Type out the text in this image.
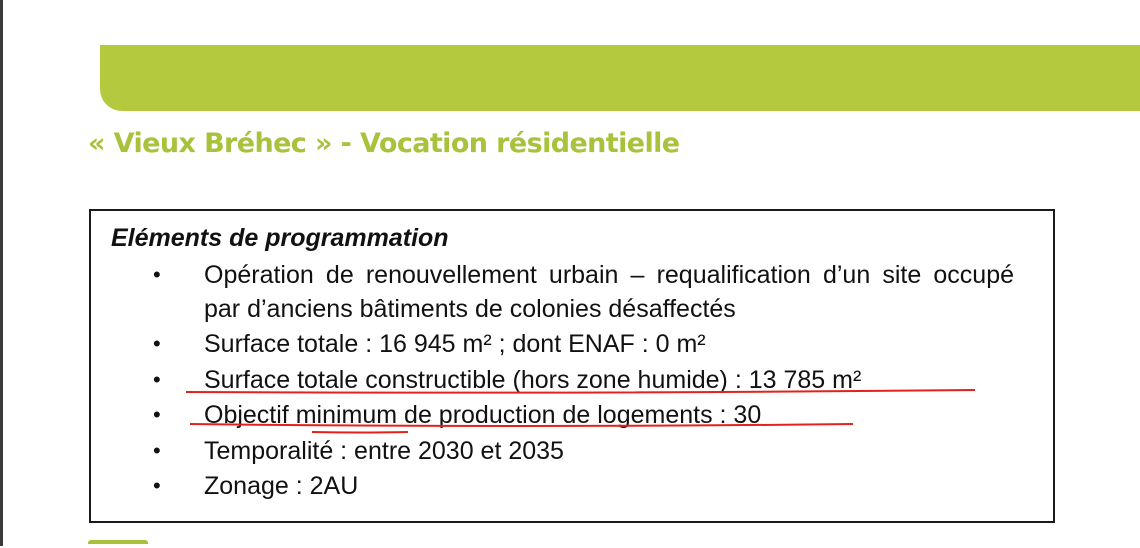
« Vieux Bréhec » - Vocation résidentielle
Eléments de programmation
• Opération de renouvellement urbain – requalification d’un site occupé par d’anciens bâtiments de colonies désaffectés
• Surface totale : 16 945 m² ; dont ENAF : 0 m²
• Surface totale constructible (hors zone humide) : 13 785 m²
• Objectif minimum de production de logements : 30
• Temporalité : entre 2030 et 2035
• Zonage : 2AU
